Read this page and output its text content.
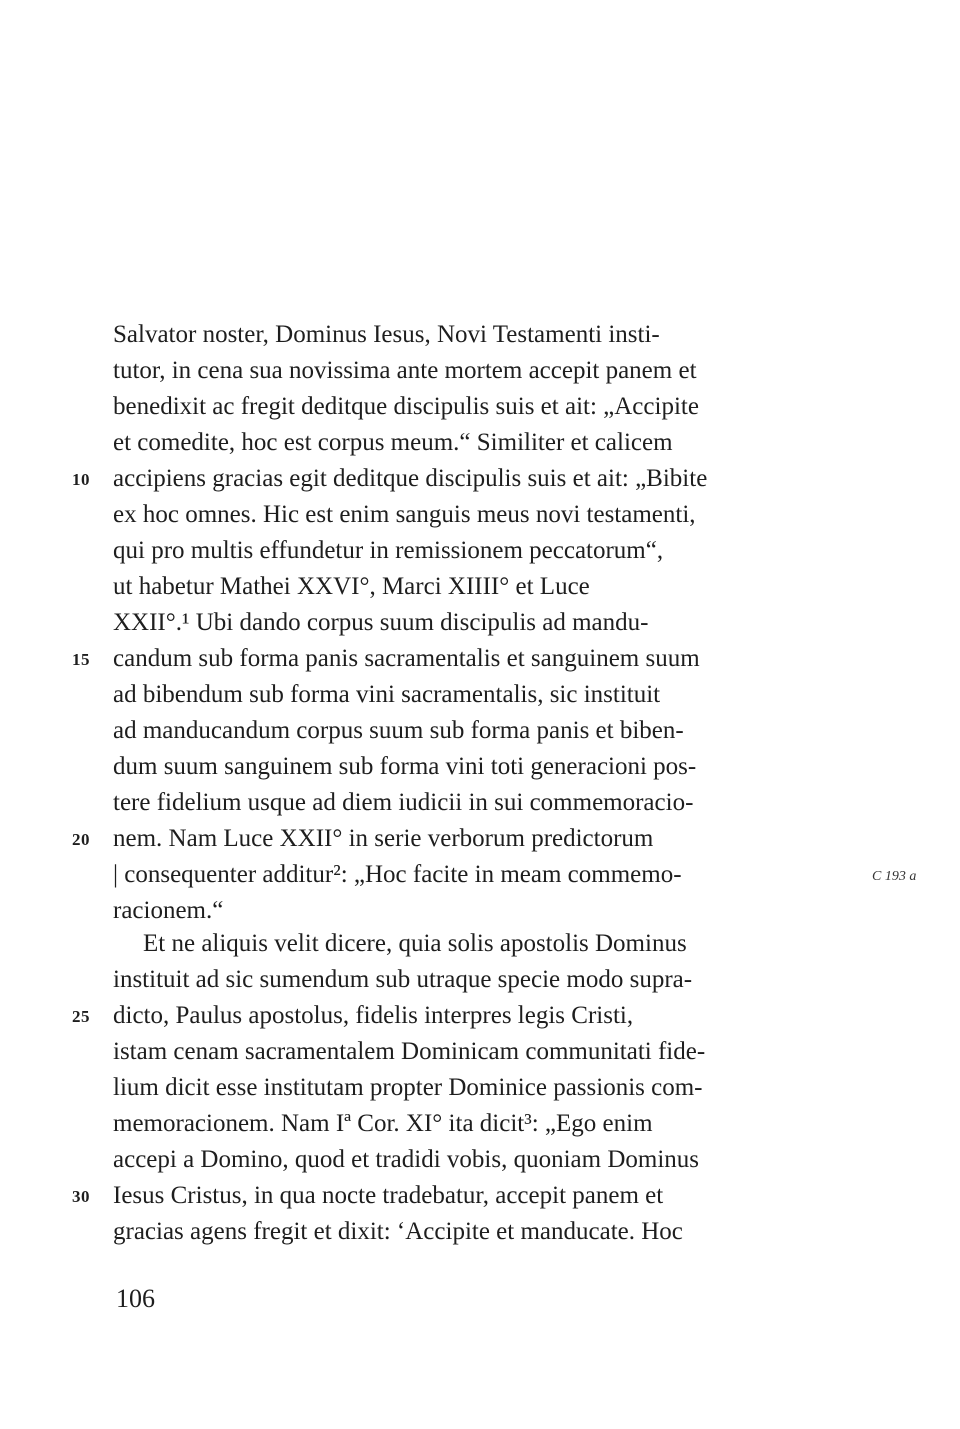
Salvator noster, Dominus Iesus, Novi Testamenti insti-
tutor, in cena sua novissima ante mortem accepit panem et
benedixit ac fregit deditque discipulis suis et ait: „Accipite
et comedite, hoc est corpus meum.“ Similiter et calicem
accipiens gracias egit deditque discipulis suis et ait: „Bibite
ex hoc omnes. Hic est enim sanguis meus novi testamenti,
qui pro multis effundetur in remissionem peccatorum“,
ut habetur Mathei XXVI°, Marci XIIII° et Luce
XXII°.¹ Ubi dando corpus suum discipulis ad mandu-
candum sub forma panis sacramentalis et sanguinem suum
ad bibendum sub forma vini sacramentalis, sic instituit
ad manducandum corpus suum sub forma panis et biben-
dum suum sanguinem sub forma vini toti generacioni pos-
tere fidelium usque ad diem iudicii in sui commemoracio-
nem. Nam Luce XXII° in serie verborum predictorum
| consequenter additur²: „Hoc facite in meam commemo-
racionem.“
Et ne aliquis velit dicere, quia solis apostolis Dominus
instituit ad sic sumendum sub utraque specie modo supra-
dicto, Paulus apostolus, fidelis interpres legis Cristi,
istam cenam sacramentalem Dominicam communitati fide-
lium dicit esse institutam propter Dominice passionis com-
memoracionem. Nam Iª Cor. XI° ita dicit³: „Ego enim
accepi a Domino, quod et tradidi vobis, quoniam Dominus
Iesus Cristus, in qua nocte tradebatur, accepit panem et
gracias agens fregit et dixit: ‘Accipite et manducate. Hoc
10
15
20
25
30
C 193 a
106
